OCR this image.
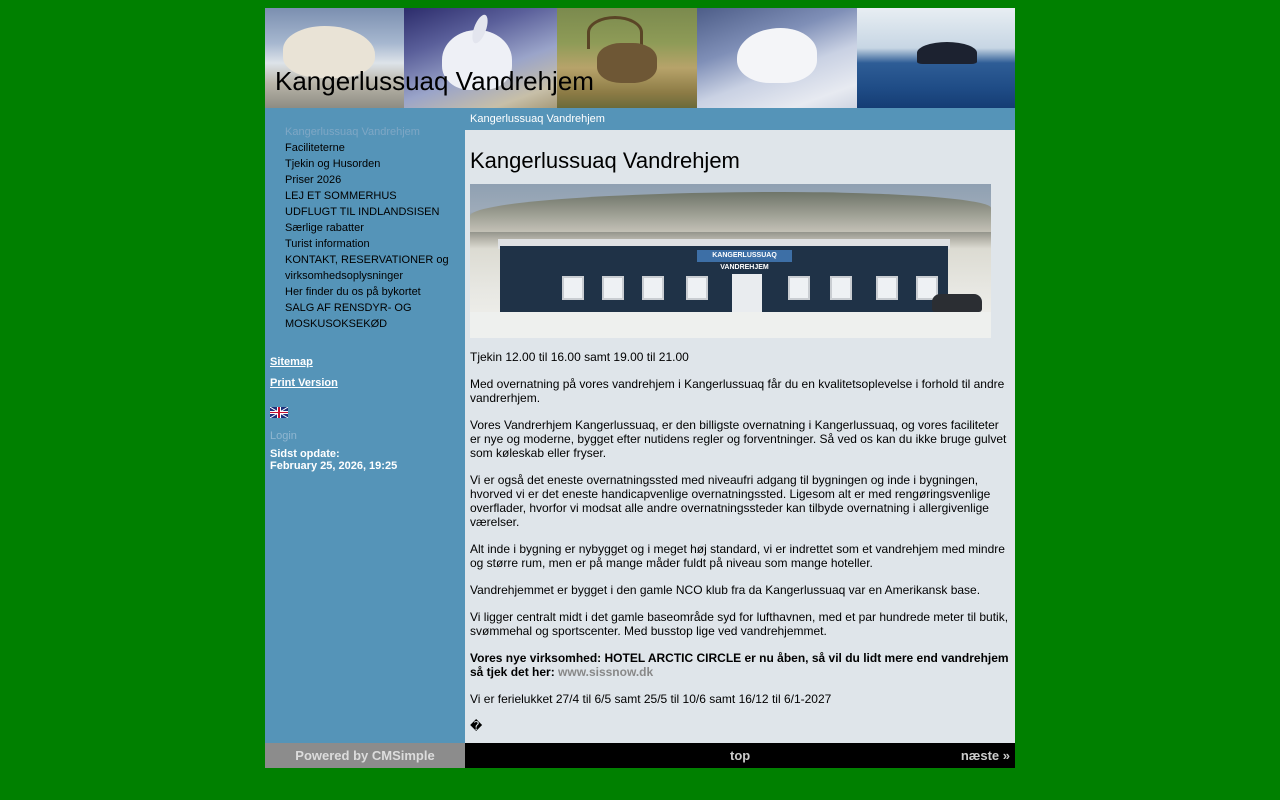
Kangerlussuaq Vandrehjem
Kangerlussuaq Vandrehjem
Faciliteterne
Tjekin og Husorden
Priser 2026
LEJ ET SOMMERHUS
UDFLUGT TIL INDLANDSISEN
Særlige rabatter
Turist information
KONTAKT, RESERVATIONER og virksomhedsoplysninger
Her finder du os på bykortet
SALG AF RENSDYR- OG MOSKUSOKSEKØD
Sitemap
Print Version
Login
Sidst opdate:
February 25, 2026, 19:25
Kangerlussuaq Vandrehjem
Kangerlussuaq Vandrehjem
KANGERLUSSUAQ VANDREHJEM

Tjekin 12.00 til 16.00 samt 19.00 til 21.00

Med overnatning på vores vandrehjem i Kangerlussuaq får du en kvalitetsoplevelse i forhold til andre vandrerhjem.

Vores Vandrerhjem Kangerlussuaq, er den billigste overnatning i Kangerlussuaq, og vores faciliteter er nye og moderne, bygget efter nutidens regler og forventninger. Så ved os kan du ikke bruge gulvet som køleskab eller fryser.

Vi er også det eneste overnatningssted med niveaufri adgang til bygningen og inde i bygningen, hvorved vi er det eneste handicapvenlige overnatningssted. Ligesom alt er med rengøringsvenlige overflader, hvorfor vi modsat alle andre overnatningssteder kan tilbyde overnatning i allergivenlige værelser.

Alt inde i bygning er nybygget og i meget høj standard, vi er indrettet som et vandrehjem med mindre og større rum, men er på mange måder fuldt på niveau som mange hoteller.

Vandrehjemmet er bygget i den gamle NCO klub fra da Kangerlussuaq var en Amerikansk base.

Vi ligger centralt midt i det gamle baseområde syd for lufthavnen, med et par hundrede meter til butik, svømmehal og sportscenter. Med busstop lige ved vandrehjemmet.

Vores nye virksomhed: HOTEL ARCTIC CIRCLE er nu åben, så vil du lidt mere end vandrehjem så tjek det her: www.sissnow.dk

Vi er ferielukket 27/4 til 6/5 samt 25/5 til 10/6 samt 16/12 til 6/1-2027

�

Powered by CMSimple	top	næste »
